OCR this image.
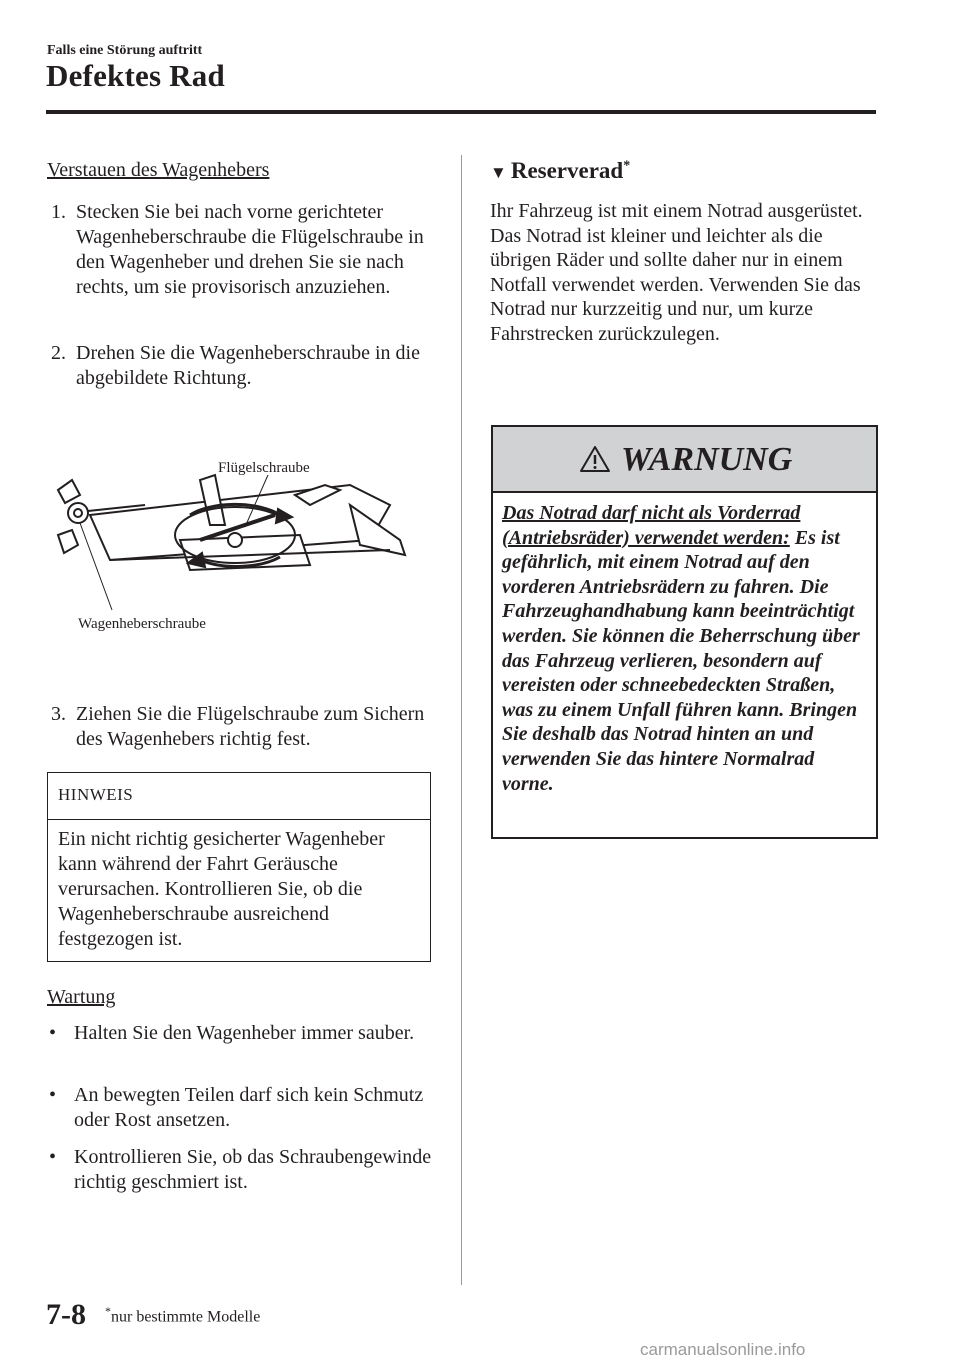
Falls eine Störung auftritt
Defektes Rad
Verstauen des Wagenhebers
1. Stecken Sie bei nach vorne gerichteter Wagenheberschraube die Flügelschraube in den Wagenheber und drehen Sie sie nach rechts, um sie provisorisch anzuziehen.
2. Drehen Sie die Wagenheberschraube in die abgebildete Richtung.
Flügelschraube
Wagenheberschraube
3. Ziehen Sie die Flügelschraube zum Sichern des Wagenhebers richtig fest.
HINWEIS
Ein nicht richtig gesicherter Wagenheber kann während der Fahrt Geräusche verursachen. Kontrollieren Sie, ob die Wagenheberschraube ausreichend festgezogen ist.
Wartung
• Halten Sie den Wagenheber immer sauber.
• An bewegten Teilen darf sich kein Schmutz oder Rost ansetzen.
• Kontrollieren Sie, ob das Schraubengewinde richtig geschmiert ist.
▼ Reserverad*
Ihr Fahrzeug ist mit einem Notrad ausgerüstet. Das Notrad ist kleiner und leichter als die übrigen Räder und sollte daher nur in einem Notfall verwendet werden. Verwenden Sie das Notrad nur kurzzeitig und nur, um kurze Fahrstrecken zurückzulegen.
WARNUNG
Das Notrad darf nicht als Vorderrad (Antriebsräder) verwendet werden: Es ist gefährlich, mit einem Notrad auf den vorderen Antriebsrädern zu fahren. Die Fahrzeughandhabung kann beeinträchtigt werden. Sie können die Beherrschung über das Fahrzeug verlieren, besondern auf vereisten oder schneebedeckten Straßen, was zu einem Unfall führen kann. Bringen Sie deshalb das Notrad hinten an und verwenden Sie das hintere Normalrad vorne.
7-8 *nur bestimmte Modelle
carmanualsonline.info
